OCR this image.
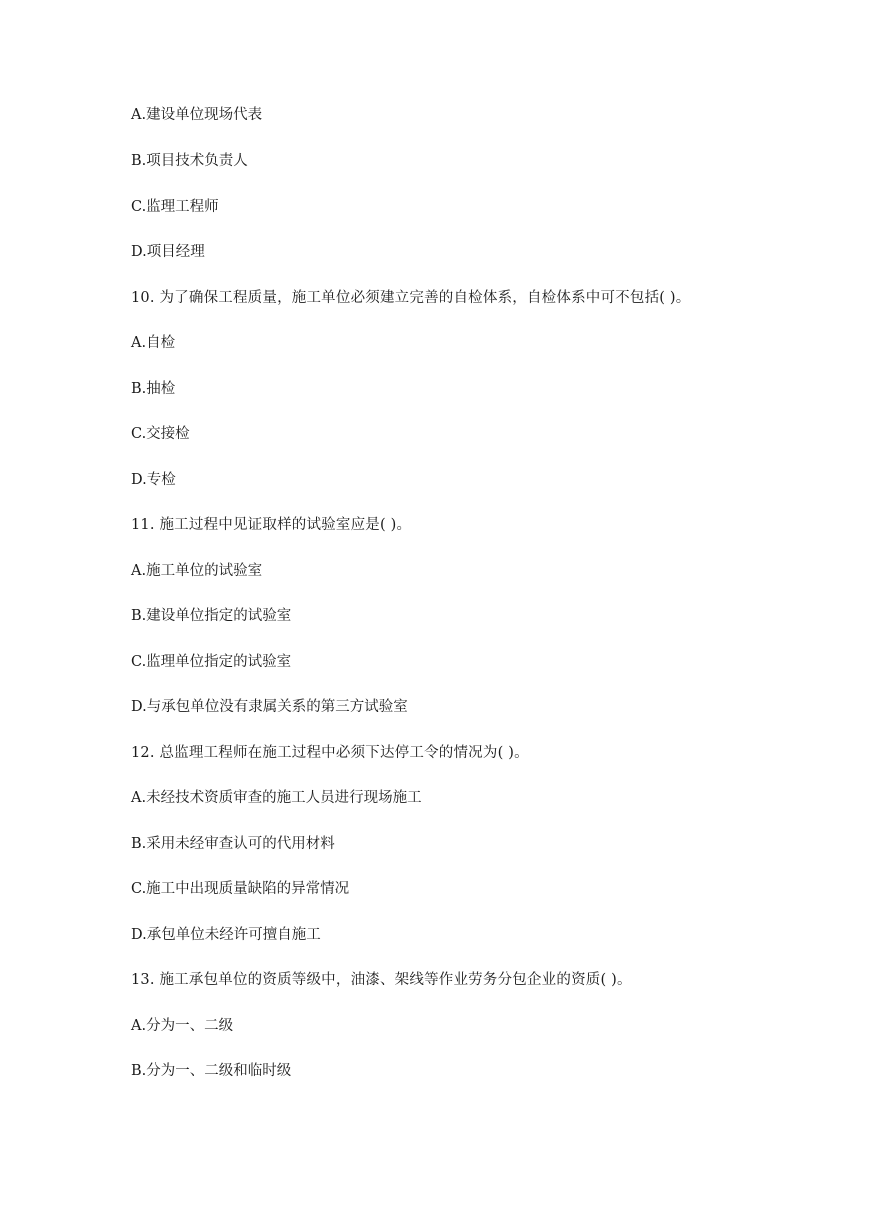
A.建设单位现场代表
B.项目技术负责人
C.监理工程师
D.项目经理
10. 为了确保工程质量，施工单位必须建立完善的自检体系，自检体系中可不包括( )。
A.自检
B.抽检
C.交接检
D.专检
11. 施工过程中见证取样的试验室应是( )。
A.施工单位的试验室
B.建设单位指定的试验室
C.监理单位指定的试验室
D.与承包单位没有隶属关系的第三方试验室
12. 总监理工程师在施工过程中必须下达停工令的情况为( )。
A.未经技术资质审查的施工人员进行现场施工
B.采用未经审查认可的代用材料
C.施工中出现质量缺陷的异常情况
D.承包单位未经许可擅自施工
13. 施工承包单位的资质等级中，油漆、架线等作业劳务分包企业的资质( )。
A.分为一、二级
B.分为一、二级和临时级
